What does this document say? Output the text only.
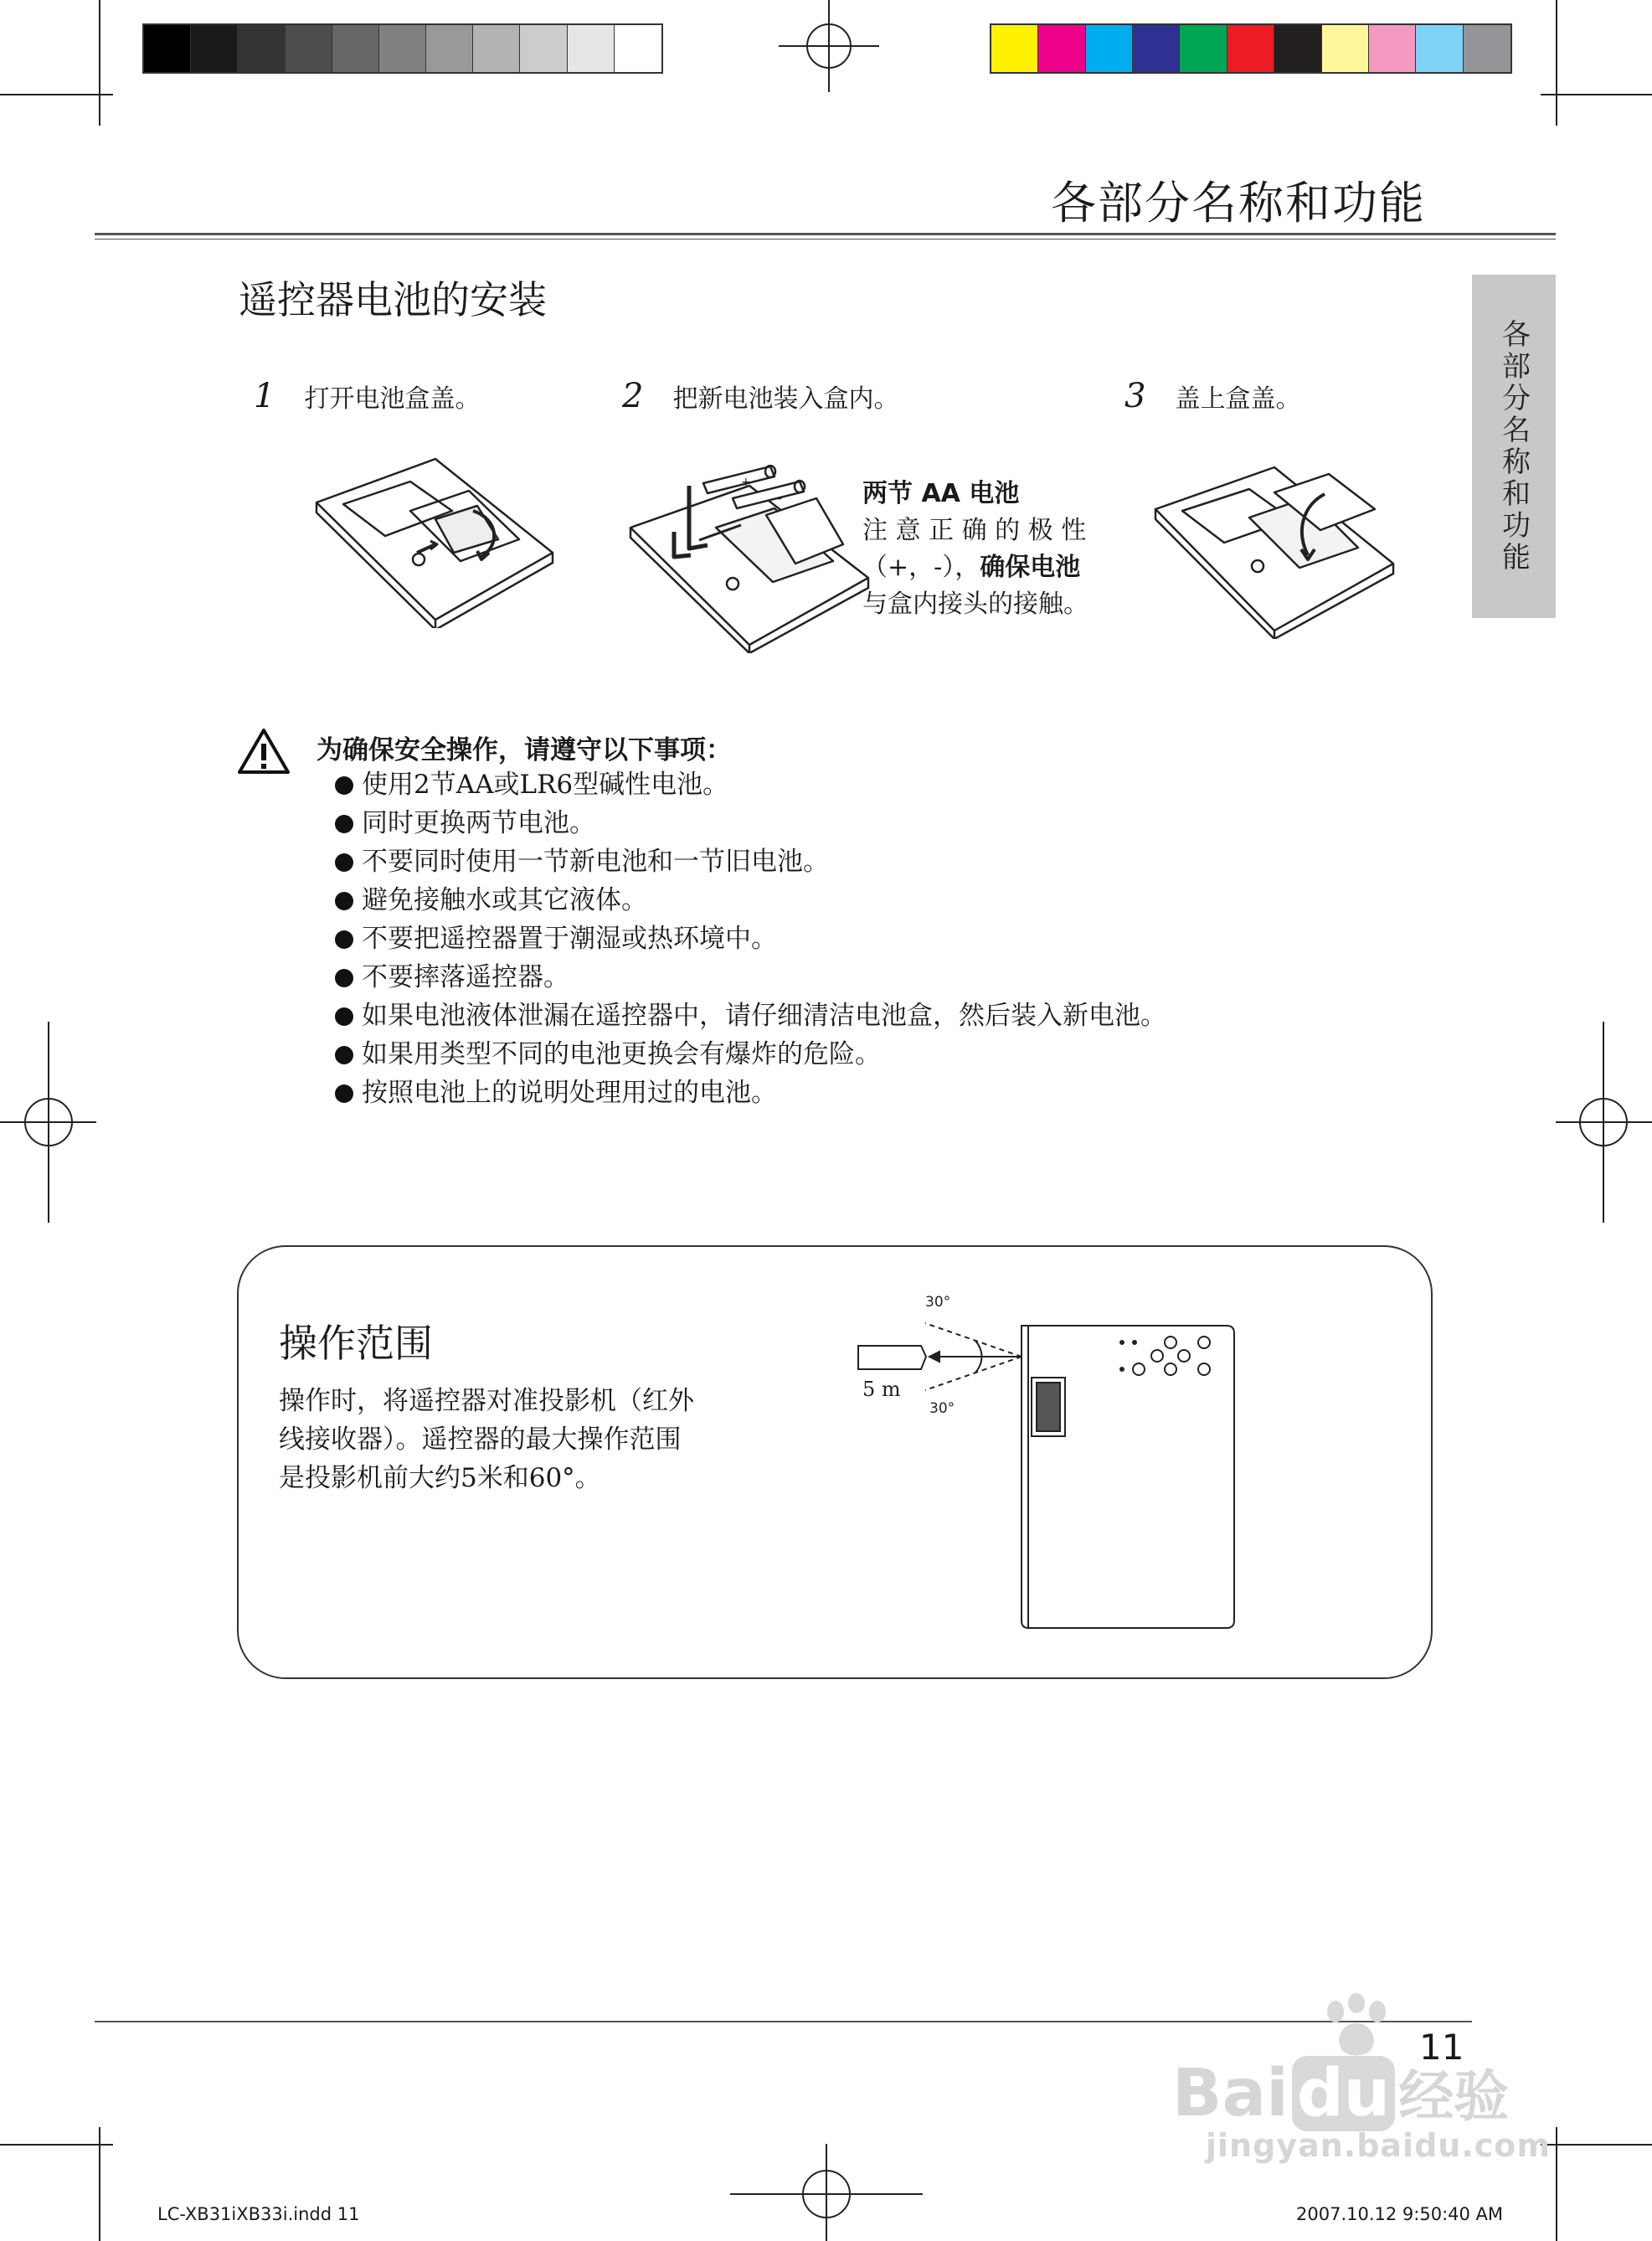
各部分名称和功能
各部分名称和功能
遥控器电池的安装
1 打开电池盒盖。	2 把新电池装入盒内。	3 盖上盒盖。
+
−	两节 AA 电池
注 意 正 确 的 极 性
（+，-），确保电池
与盒内接头的接触。
为确保安全操作，请遵守以下事项：
使用2节AA或LR6型碱性电池。
同时更换两节电池。
不要同时使用一节新电池和一节旧电池。
避免接触水或其它液体。
不要把遥控器置于潮湿或热环境中。
不要摔落遥控器。
如果电池液体泄漏在遥控器中，请仔细清洁电池盒，然后装入新电池。
如果用类型不同的电池更换会有爆炸的危险。
按照电池上的说明处理用过的电池。
操作范围
操作时，将遥控器对准投影机（红外
线接收器）。遥控器的最大操作范围
是投影机前大约5米和60°。
30°
30°
5 m
11
LC-XB31iXB33i.indd 11	2007.10.12 9:50:40 AM
Bai du 经验
jingyan.baidu.com
